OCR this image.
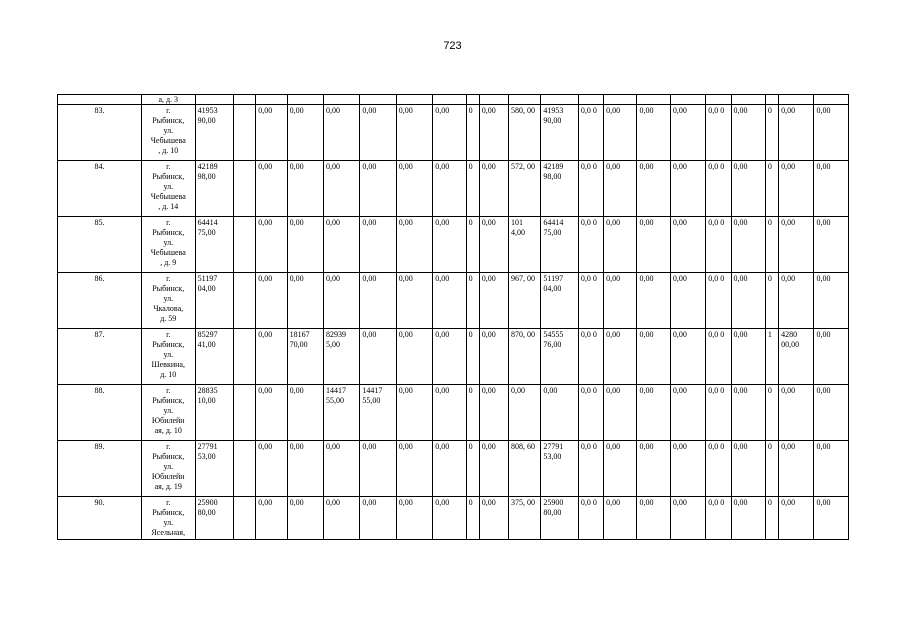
723
	а, д. 3																					
83.	г.
Рыбинск,
ул.
Чебышева
, д. 10	41953 90,00		0,00	0,00	0,00	0,00	0,00	0,00	0	0,00	580, 00	41953 90,00	0,0 0	0,00	0,00	0,00	0,0 0	0,00	0	0,00	0,00
84.	г.
Рыбинск,
ул.
Чебышева
, д. 14	42189 98,00		0,00	0,00	0,00	0,00	0,00	0,00	0	0,00	572, 00	42189 98,00	0,0 0	0,00	0,00	0,00	0,0 0	0,00	0	0,00	0,00
85.	г.
Рыбинск,
ул.
Чебышева
, д. 9	64414 75,00		0,00	0,00	0,00	0,00	0,00	0,00	0	0,00	101 4,00	64414 75,00	0,0 0	0,00	0,00	0,00	0,0 0	0,00	0	0,00	0,00
86.	г.
Рыбинск,
ул.
Чкалова,
д. 59	51197 04,00		0,00	0,00	0,00	0,00	0,00	0,00	0	0,00	967, 00	51197 04,00	0,0 0	0,00	0,00	0,00	0,0 0	0,00	0	0,00	0,00
87.	г.
Рыбинск,
ул.
Шевкина,
д. 10	85297 41,00		0,00	18167 70,00	82939 5,00	0,00	0,00	0,00	0	0,00	870, 00	54555 76,00	0,0 0	0,00	0,00	0,00	0,0 0	0,00	1	4280 00,00	0,00
88.	г.
Рыбинск,
ул.
Юбилейн
ая, д. 10	28835 10,00		0,00	0,00	14417 55,00	14417 55,00	0,00	0,00	0	0,00	0,00	0,00	0,0 0	0,00	0,00	0,00	0,0 0	0,00	0	0,00	0,00
89.	г.
Рыбинск,
ул.
Юбилейн
ая, д. 19	27791 53,00		0,00	0,00	0,00	0,00	0,00	0,00	0	0,00	808, 60	27791 53,00	0,0 0	0,00	0,00	0,00	0,0 0	0,00	0	0,00	0,00
90.	г.
Рыбинск,
ул.
Ясельная,	25900 80,00		0,00	0,00	0,00	0,00	0,00	0,00	0	0,00	375, 00	25900 80,00	0,0 0	0,00	0,00	0,00	0,0 0	0,00	0	0,00	0,00
